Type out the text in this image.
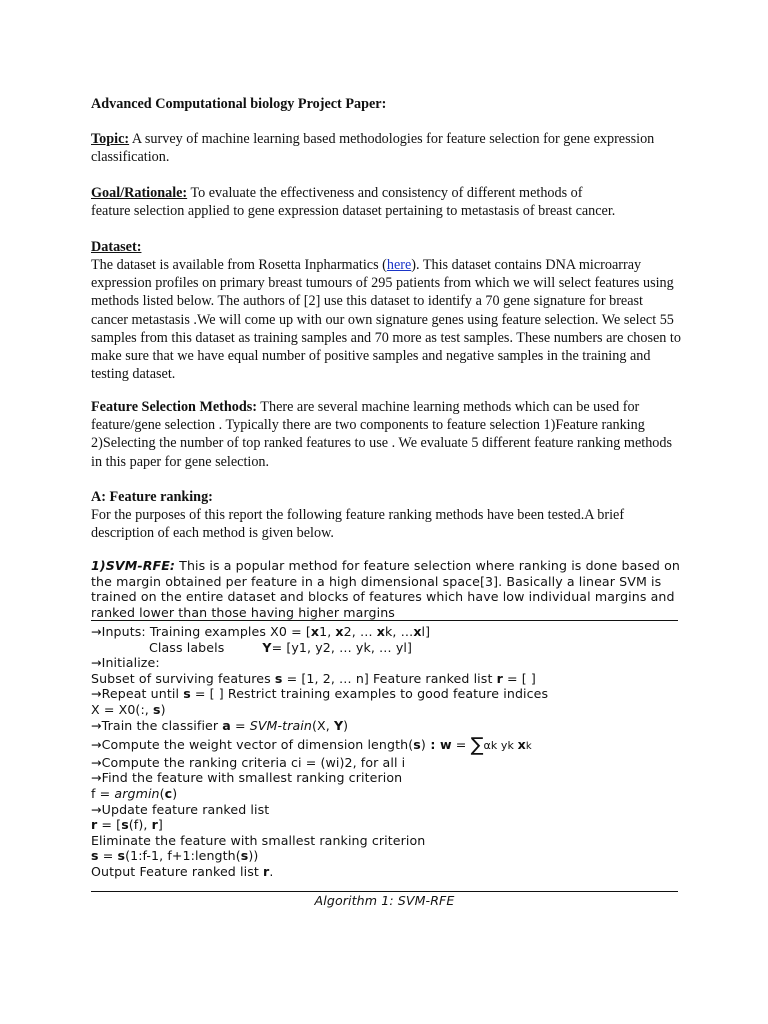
Advanced Computational biology Project Paper:

Topic: A survey of machine learning based methodologies for feature selection for gene expression classification.

Goal/Rationale: To evaluate the effectiveness and consistency of different methods of
feature selection applied to gene expression dataset pertaining to metastasis of breast cancer.
Dataset:

The dataset is available from Rosetta Inpharmatics (here). This dataset contains DNA microarray expression profiles on primary breast tumours of 295 patients from which we will select features using methods listed below. The authors of [2] use this dataset to identify a 70 gene signature for breast cancer metastasis .We will come up with our own signature genes using feature selection. We select 55 samples from this dataset as training samples and 70 more as test samples. These numbers are chosen to make sure that we have equal number of positive samples and negative samples in the training and testing dataset.

Feature Selection Methods: There are several machine learning methods which can be used for feature/gene selection . Typically there are two components to feature selection 1)Feature ranking 2)Selecting the number of top ranked features to use . We evaluate 5 different feature ranking methods in this paper for gene selection.

A: Feature ranking:

For the purposes of this report the following feature ranking methods have been tested.A brief description of each method is given below.

1)SVM-RFE: This is a popular method for feature selection where ranking is done based on the margin obtained per feature in a high dimensional space[3]. Basically a linear SVM is trained on the entire dataset and blocks of features which have low individual margins and ranked lower than those having higher margins

→Inputs: Training examples X0 = [x1, x2, … xk, …xl]
Class labels	Y= [y1, y2, … yk, … yl]
→Initialize:
Subset of surviving features s = [1, 2, … n] Feature ranked list r = [ ]
→Repeat until s = [ ] Restrict training examples to good feature indices
X = X0(:, s)
→Train the classifier a = SVM-train(X, Y)
→Compute the weight vector of dimension length(s) : w = ∑αk yk xk
→Compute the ranking criteria ci = (wi)2, for all i
→Find the feature with smallest ranking criterion
f = argmin(c)
→Update feature ranked list
r = [s(f), r]
Eliminate the feature with smallest ranking criterion
s = s(1:f-1, f+1:length(s))
Output Feature ranked list r.
Algorithm 1: SVM-RFE
